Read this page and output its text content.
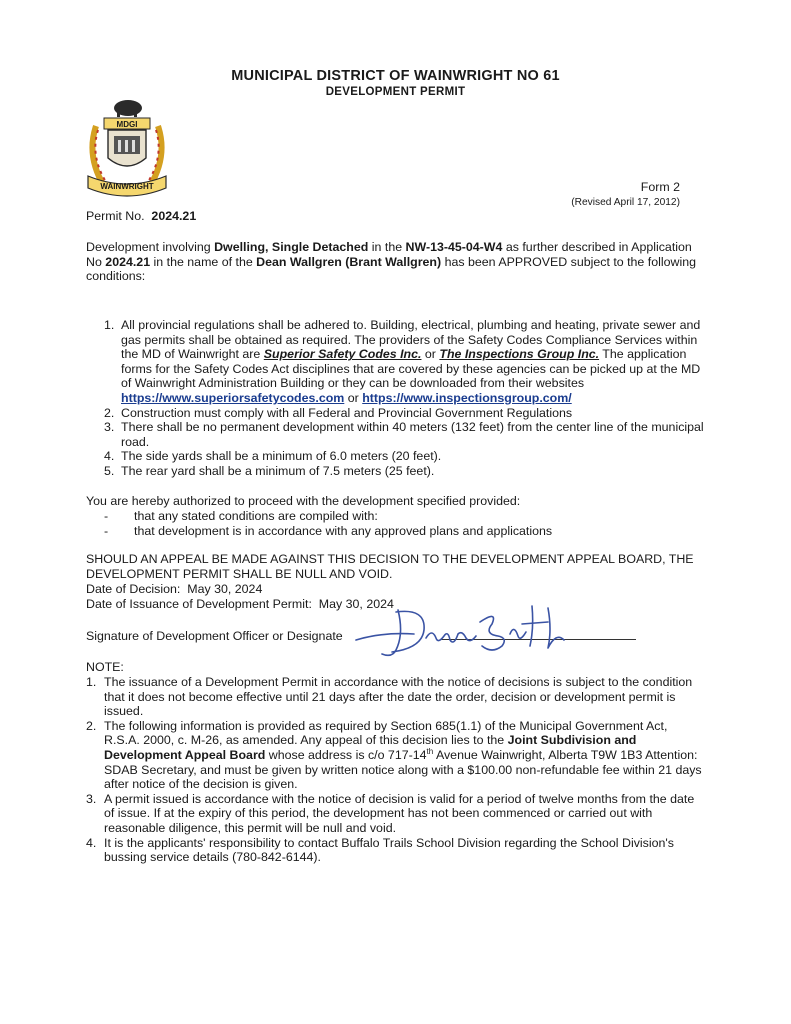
MUNICIPAL DISTRICT OF WAINWRIGHT NO 61
DEVELOPMENT PERMIT
MDGI
WAINWRIGHT	Form 2
(Revised April 17, 2012)
Permit No. 2024.21
Development involving Dwelling, Single Detached in the NW-13-45-04-W4 as further described in Application No 2024.21 in the name of the Dean Wallgren (Brant Wallgren) has been APPROVED subject to the following conditions:
1. All provincial regulations shall be adhered to. Building, electrical, plumbing and heating, private sewer and gas permits shall be obtained as required. The providers of the Safety Codes Compliance Services within the MD of Wainwright are Superior Safety Codes Inc. or The Inspections Group Inc. The application forms for the Safety Codes Act disciplines that are covered by these agencies can be picked up at the MD of Wainwright Administration Building or they can be downloaded from their websites https://www.superiorsafetycodes.com or https://www.inspectionsgroup.com/
2. Construction must comply with all Federal and Provincial Government Regulations
3. There shall be no permanent development within 40 meters (132 feet) from the center line of the municipal road.
4. The side yards shall be a minimum of 6.0 meters (20 feet).
5. The rear yard shall be a minimum of 7.5 meters (25 feet).
You are hereby authorized to proceed with the development specified provided:
- that any stated conditions are compiled with:
- that development is in accordance with any approved plans and applications
SHOULD AN APPEAL BE MADE AGAINST THIS DECISION TO THE DEVELOPMENT APPEAL BOARD, THE DEVELOPMENT PERMIT SHALL BE NULL AND VOID.
Date of Decision: May 30, 2024
Date of Issuance of Development Permit: May 30, 2024
Signature of Development Officer or Designate
NOTE:
1. The issuance of a Development Permit in accordance with the notice of decisions is subject to the condition that it does not become effective until 21 days after the date the order, decision or development permit is issued.
2. The following information is provided as required by Section 685(1.1) of the Municipal Government Act, R.S.A. 2000, c. M-26, as amended. Any appeal of this decision lies to the Joint Subdivision and Development Appeal Board whose address is c/o 717-14th Avenue Wainwright, Alberta T9W 1B3 Attention: SDAB Secretary, and must be given by written notice along with a $100.00 non-refundable fee within 21 days after notice of the decision is given.
3. A permit issued is accordance with the notice of decision is valid for a period of twelve months from the date of issue. If at the expiry of this period, the development has not been commenced or carried out with reasonable diligence, this permit will be null and void.
4. It is the applicants' responsibility to contact Buffalo Trails School Division regarding the School Division's bussing service details (780-842-6144).
